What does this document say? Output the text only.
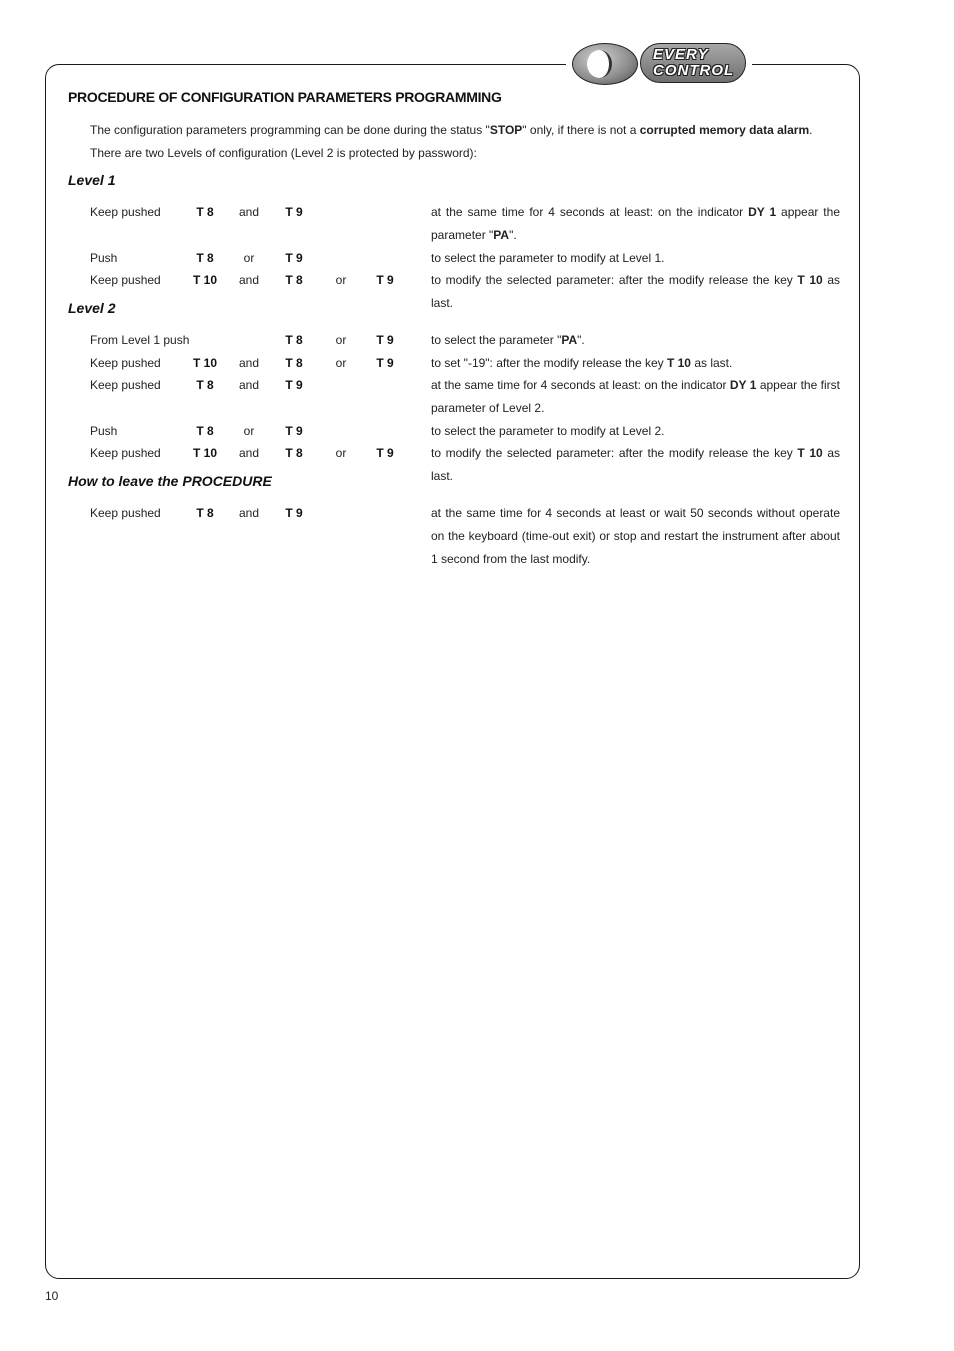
EVERY
CONTROL
PROCEDURE OF CONFIGURATION PARAMETERS PROGRAMMING

The configuration parameters programming can be done during the status "STOP" only, if there is not a corrupted memory data alarm.

There are two Levels of configuration (Level 2 is protected by password):

Level 1
Level 2
How to leave the PROCEDURE
Keep pushed	T 8	and	T 9	at the same time for 4 seconds at least: on the indicator DY 1 appear the parameter "PA".
Push	T 8	or	T 9	to select the parameter to modify at Level 1.
Keep pushed	T 10	and	T 8	or	T 9	to modify the selected parameter: after the modify release the key T 10 as last.
From Level 1 push	T 8	or	T 9	to select the parameter "PA".
Keep pushed	T 10	and	T 8	or	T 9	to set "-19": after the modify release the key T 10 as last.
Keep pushed	T 8	and	T 9	at the same time for 4 seconds at least: on the indicator DY 1 appear the first parameter of Level 2.
Push	T 8	or	T 9	to select the parameter to modify at Level 2.
Keep pushed	T 10	and	T 8	or	T 9	to modify the selected parameter: after the modify release the key T 10 as last.
Keep pushed	T 8	and	T 9	at the same time for 4 seconds at least or wait 50 seconds without operate on the keyboard (time-out exit) or stop and restart the instrument after about 1 second from the last modify.
10
